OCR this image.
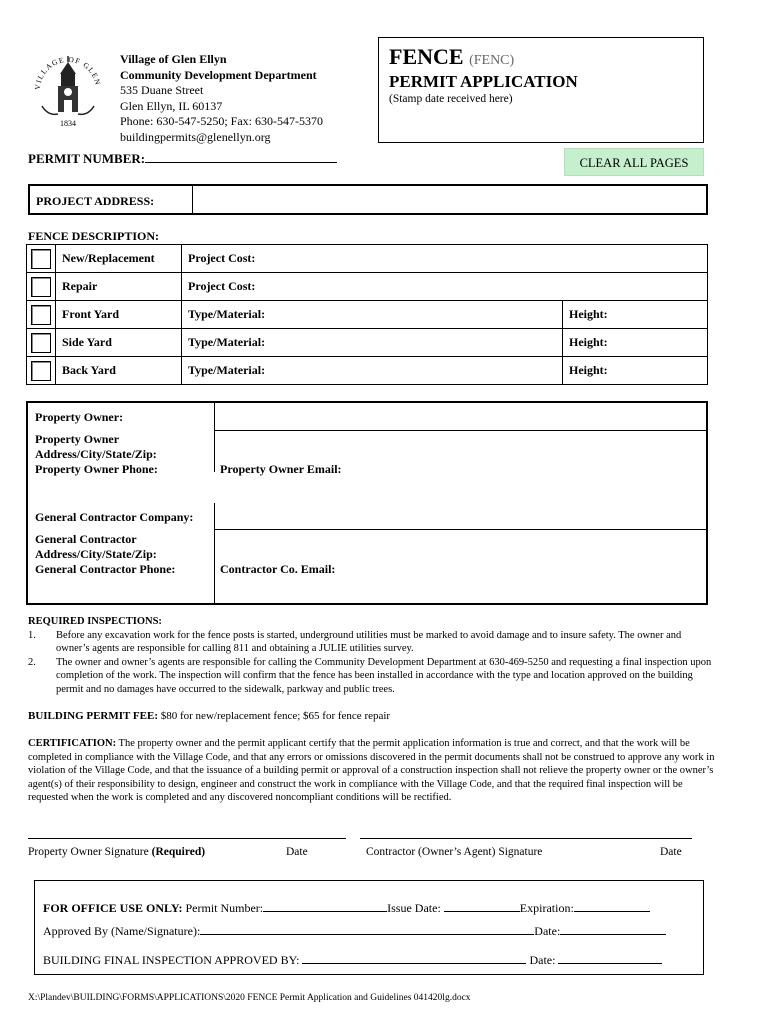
VILLAGE OF GLEN
1834
Village of Glen Ellyn
Community Development Department
535 Duane Street
Glen Ellyn, IL 60137
Phone: 630-547-5250; Fax: 630-547-5370
buildingpermits@glenellyn.org
FENCE (FENC)
PERMIT APPLICATION
(Stamp date received here)
PERMIT NUMBER:	CLEAR ALL PAGES
PROJECT ADDRESS:
FENCE DESCRIPTION:
	New/Replacement	Project Cost:	

	Repair	Project Cost:	

	Front Yard	Type/Material:	Height:

	Side Yard	Type/Material:	Height:

	Back Yard	Type/Material:	Height:
Property Owner:
Property Owner Address/City/State/Zip:
Property Owner Phone:	Property Owner Email:
General Contractor Company:
General Contractor Address/City/State/Zip:
General Contractor Phone:	Contractor Co. Email:
REQUIRED INSPECTIONS:
1. Before any excavation work for the fence posts is started, underground utilities must be marked to avoid damage and to insure safety. The owner and owner’s agents are responsible for calling 811 and obtaining a JULIE utilities survey.
2. The owner and owner’s agents are responsible for calling the Community Development Department at 630-469-5250 and requesting a final inspection upon completion of the work. The inspection will confirm that the fence has been installed in accordance with the type and location approved on the building permit and no damages have occurred to the sidewalk, parkway and public trees.
BUILDING PERMIT FEE: $80 for new/replacement fence; $65 for fence repair
CERTIFICATION: The property owner and the permit applicant certify that the permit application information is true and correct, and that the work will be completed in compliance with the Village Code, and that any errors or omissions discovered in the permit documents shall not be construed to approve any work in violation of the Village Code, and that the issuance of a building permit or approval of a construction inspection shall not relieve the property owner or the owner’s agent(s) of their responsibility to design, engineer and construct the work in compliance with the Village Code, and that the required final inspection will be requested when the work is completed and any discovered noncompliant conditions will be rectified.
Property Owner Signature (Required)	Date	Contractor (Owner’s Agent) Signature	Date
FOR OFFICE USE ONLY: Permit Number:	Issue Date:	Expiration:
Approved By (Name/Signature):	Date:
BUILDING FINAL INSPECTION APPROVED BY:	Date:
X:\Plandev\BUILDING\FORMS\APPLICATIONS\2020 FENCE Permit Application and Guidelines 041420lg.docx
